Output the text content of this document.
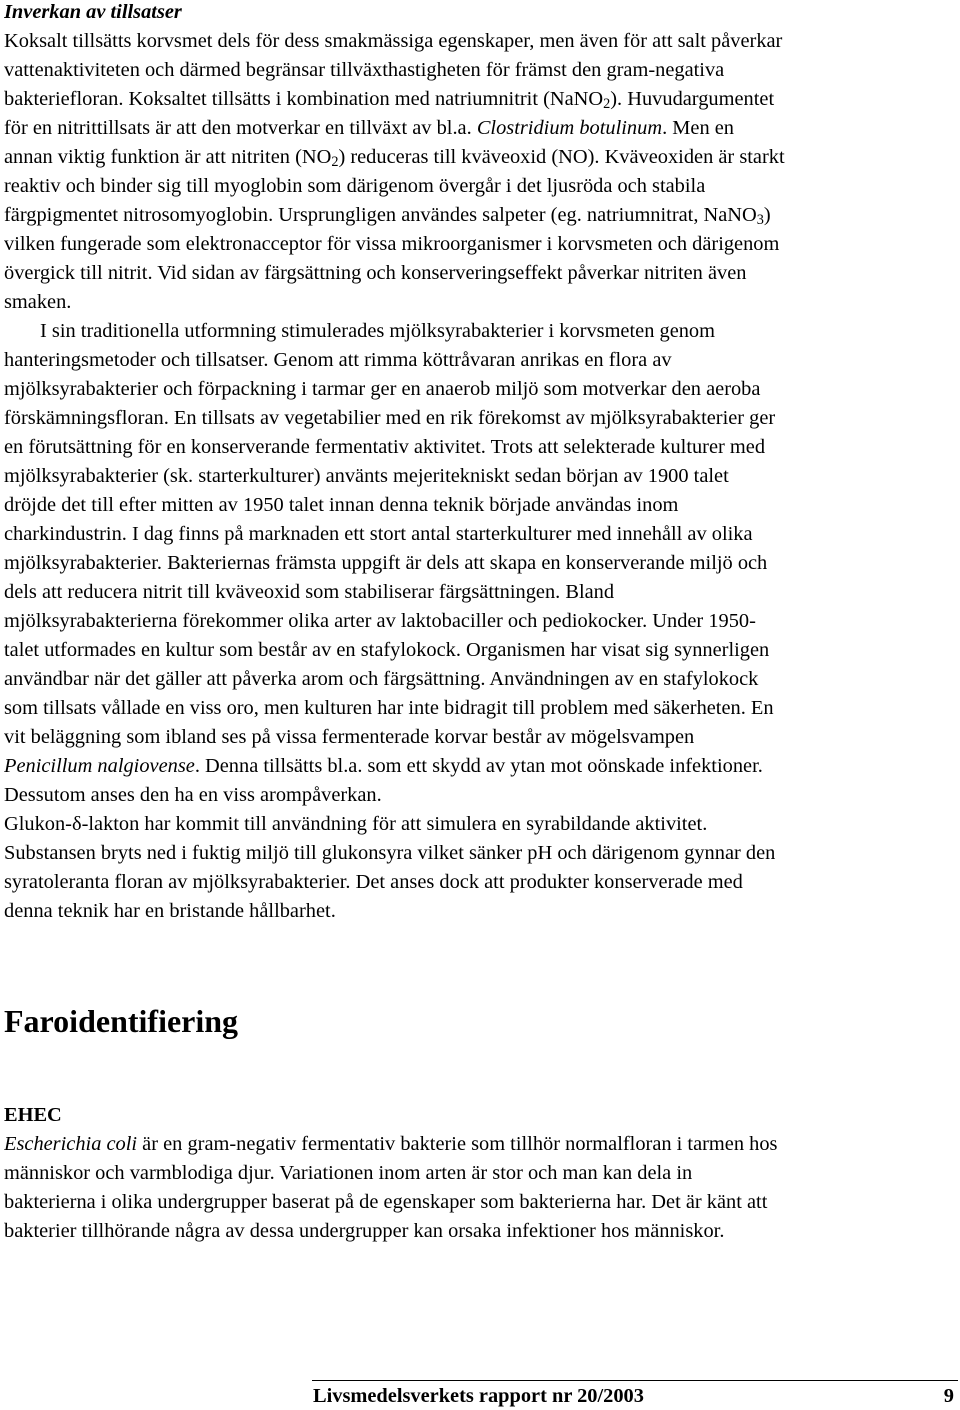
Inverkan av tillsatser
Koksalt tillsätts korvsmet dels för dess smakmässiga egenskaper, men även för att salt påverkar
vattenaktiviteten och därmed begränsar tillväxthastigheten för främst den gram-negativa
bakteriefloran. Koksaltet tillsätts i kombination med natriumnitrit (NaNO$_2$). Huvudargumentet
för en nitrittillsats är att den motverkar en tillväxt av bl.a. Clostridium botulinum. Men en
annan viktig funktion är att nitriten $(NO_2)$ reduceras till kväveoxid (NO). Kväveoxiden är starkt
reaktiv och binder sig till myoglobin som därigenom övergår i det ljusröda och stabila
färgpigmentet nitrosomyoglobin. Ursprungligen användes salpeter (eg. natriumnitrat, NaNO$_3$)
vilken fungerade som elektronacceptor för vissa mikroorganismer i korvsmeten och därigenom
övergick till nitrit. Vid sidan av färgsättning och konserveringseffekt påverkar nitriten även
smaken.
I sin traditionella utformning stimulerades mjölksyrabakterier i korvsmeten genom
hanteringsmetoder och tillsatser. Genom att rimma köttråvaran anrikas en flora av
mjölksyrabakterier och förpackning i tarmar ger en anaerob miljö som motverkar den aeroba
förskämningsfloran. En tillsats av vegetabilier med en rik förekomst av mjölksyrabakterier ger
en förutsättning för en konserverande fermentativ aktivitet. Trots att selekterade kulturer med
mjölksyrabakterier (sk. starterkulturer) använts mejeritekniskt sedan början av 1900 talet
dröjde det till efter mitten av 1950 talet innan denna teknik började användas inom
charkindustrin. I dag finns på marknaden ett stort antal starterkulturer med innehåll av olika
mjölksyrabakterier. Bakteriernas främsta uppgift är dels att skapa en konserverande miljö och
dels att reducera nitrit till kväveoxid som stabiliserar färgsättningen. Bland
mjölksyrabakterierna förekommer olika arter av laktobaciller och pediokocker. Under 1950-
talet utformades en kultur som består av en stafylokock. Organismen har visat sig synnerligen
användbar när det gäller att påverka arom och färgsättning. Användningen av en stafylokock
som tillsats vållade en viss oro, men kulturen har inte bidragit till problem med säkerheten. En
vit beläggning som ibland ses på vissa fermenterade korvar består av mögelsvampen
Penicillum nalgiovense. Denna tillsätts bl.a. som ett skydd av ytan mot oönskade infektioner.
Dessutom anses den ha en viss arompåverkan.
Glukon-δ-lakton har kommit till användning för att simulera en syrabildande aktivitet.
Substansen bryts ned i fuktig miljö till glukonsyra vilket sänker pH och därigenom gynnar den
syratoleranta floran av mjölksyrabakterier. Det anses dock att produkter konserverade med
denna teknik har en bristande hållbarhet.
Faroidentifiering
EHEC
Escherichia coli är en gram-negativ fermentativ bakterie som tillhör normalfloran i tarmen hos
människor och varmblodiga djur. Variationen inom arten är stor och man kan dela in
bakterierna i olika undergrupper baserat på de egenskaper som bakterierna har. Det är känt att
bakterier tillhörande några av dessa undergrupper kan orsaka infektioner hos människor.
Livsmedelsverkets rapport nr 20/2003	9
